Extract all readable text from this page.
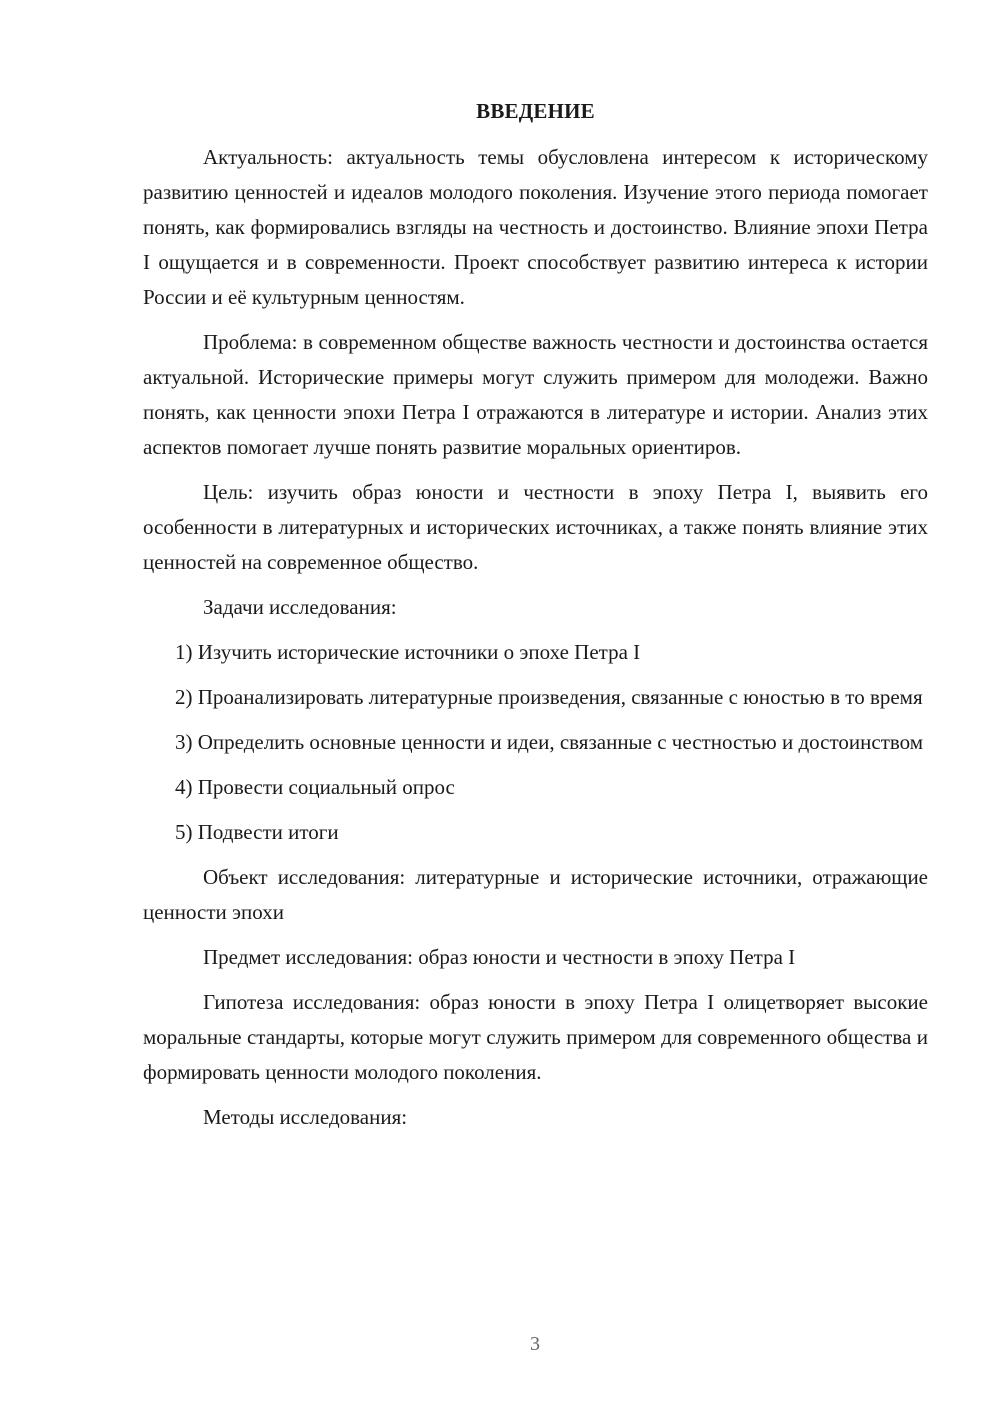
ВВЕДЕНИЕ

Актуальность: актуальность темы обусловлена интересом к историческому развитию ценностей и идеалов молодого поколения. Изучение этого периода помогает понять, как формировались взгляды на честность и достоинство. Влияние эпохи Петра I ощущается и в современности. Проект способствует развитию интереса к истории России и её культурным ценностям.

Проблема: в современном обществе важность честности и достоинства остается актуальной. Исторические примеры могут служить примером для молодежи. Важно понять, как ценности эпохи Петра I отражаются в литературе и истории. Анализ этих аспектов помогает лучше понять развитие моральных ориентиров.

Цель: изучить образ юности и честности в эпоху Петра I, выявить его особенности в литературных и исторических источниках, а также понять влияние этих ценностей на современное общество.

Задачи исследования:

1) Изучить исторические источники о эпохе Петра I

2) Проанализировать литературные произведения, связанные с юностью в то время

3) Определить основные ценности и идеи, связанные с честностью и достоинством

4) Провести социальный опрос

5) Подвести итоги

Объект исследования: литературные и исторические источники, отражающие ценности эпохи

Предмет исследования: образ юности и честности в эпоху Петра I

Гипотеза исследования: образ юности в эпоху Петра I олицетворяет высокие моральные стандарты, которые могут служить примером для современного общества и формировать ценности молодого поколения.

Методы исследования:

3
